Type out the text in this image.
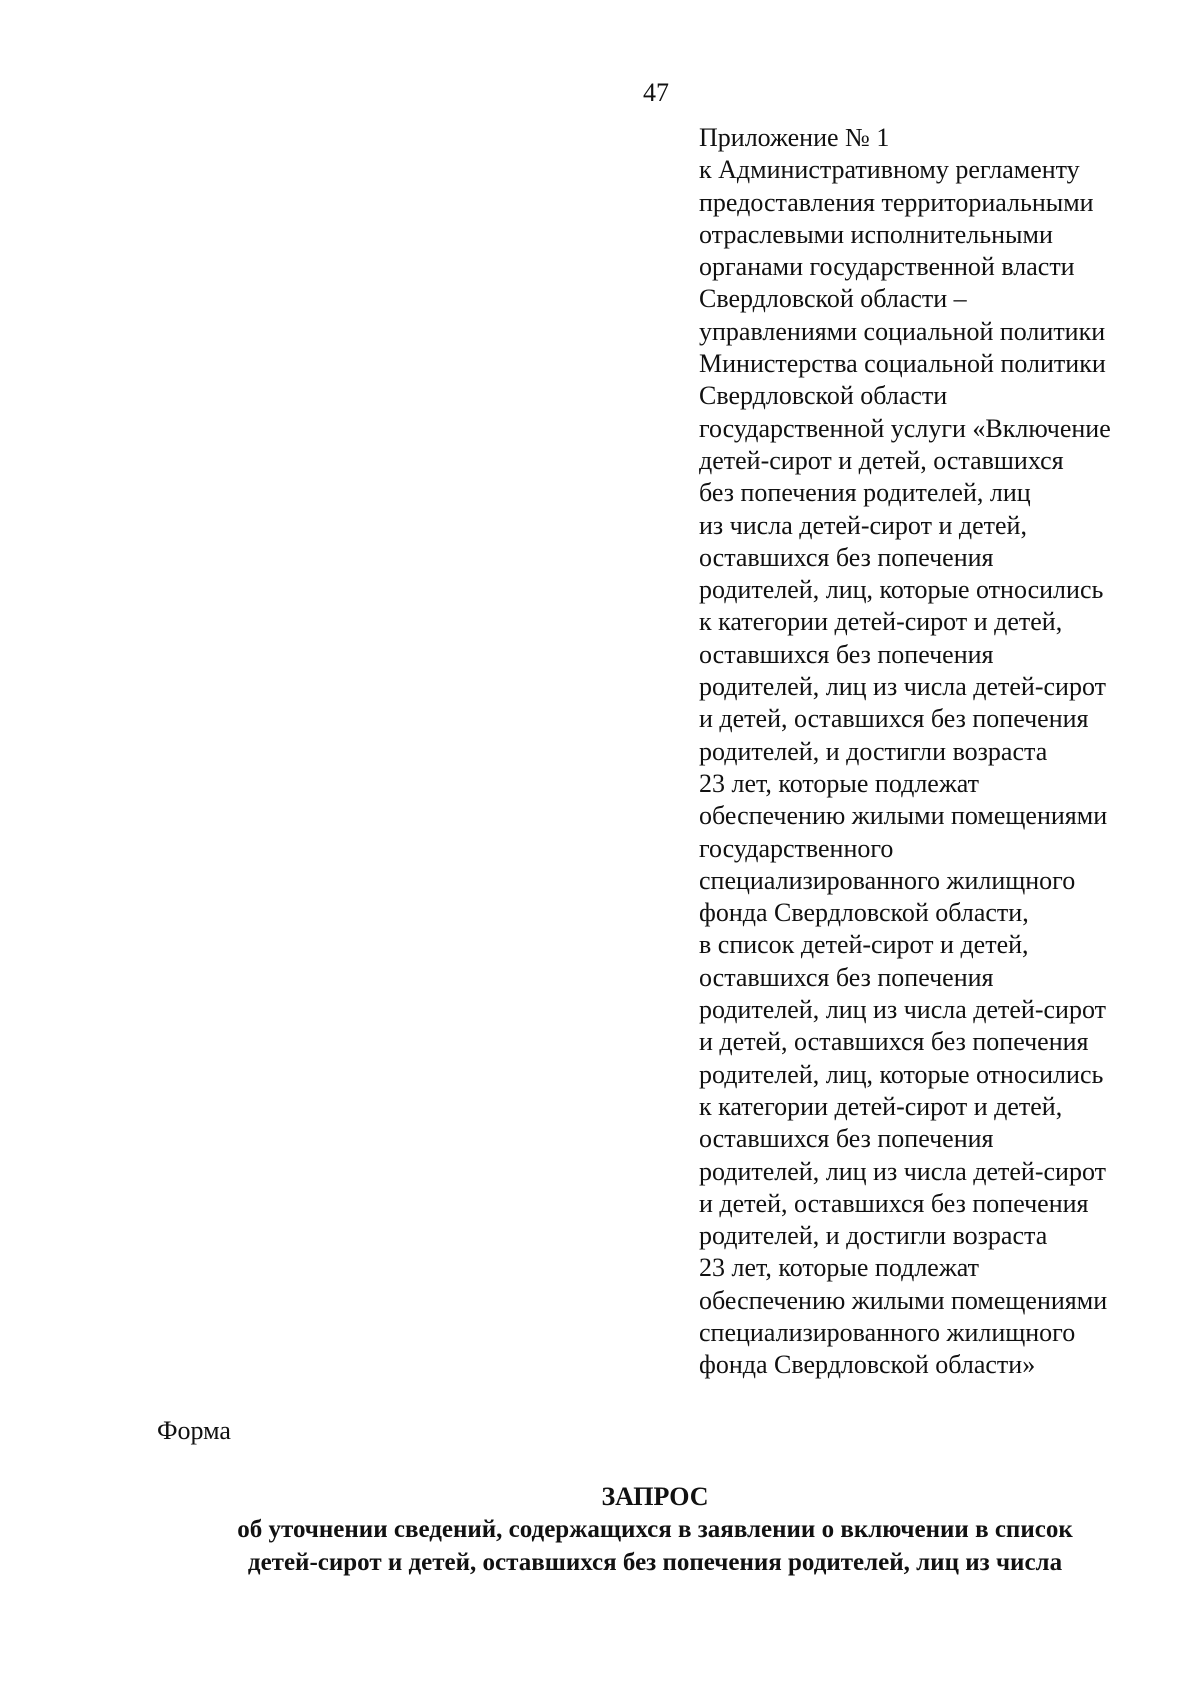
47
Приложение № 1
к Административному регламенту
предоставления территориальными
отраслевыми исполнительными
органами государственной власти
Свердловской области –
управлениями социальной политики
Министерства социальной политики
Свердловской области
государственной услуги «Включение
детей-сирот и детей, оставшихся
без попечения родителей, лиц
из числа детей-сирот и детей,
оставшихся без попечения
родителей, лиц, которые относились
к категории детей-сирот и детей,
оставшихся без попечения
родителей, лиц из числа детей-сирот
и детей, оставшихся без попечения
родителей, и достигли возраста
23 лет, которые подлежат
обеспечению жилыми помещениями
государственного
специализированного жилищного
фонда Свердловской области,
в список детей-сирот и детей,
оставшихся без попечения
родителей, лиц из числа детей-сирот
и детей, оставшихся без попечения
родителей, лиц, которые относились
к категории детей-сирот и детей,
оставшихся без попечения
родителей, лиц из числа детей-сирот
и детей, оставшихся без попечения
родителей, и достигли возраста
23 лет, которые подлежат
обеспечению жилыми помещениями
специализированного жилищного
фонда Свердловской области»
Форма
ЗАПРОС
об уточнении сведений, содержащихся в заявлении о включении в список
детей-сирот и детей, оставшихся без попечения родителей, лиц из числа
